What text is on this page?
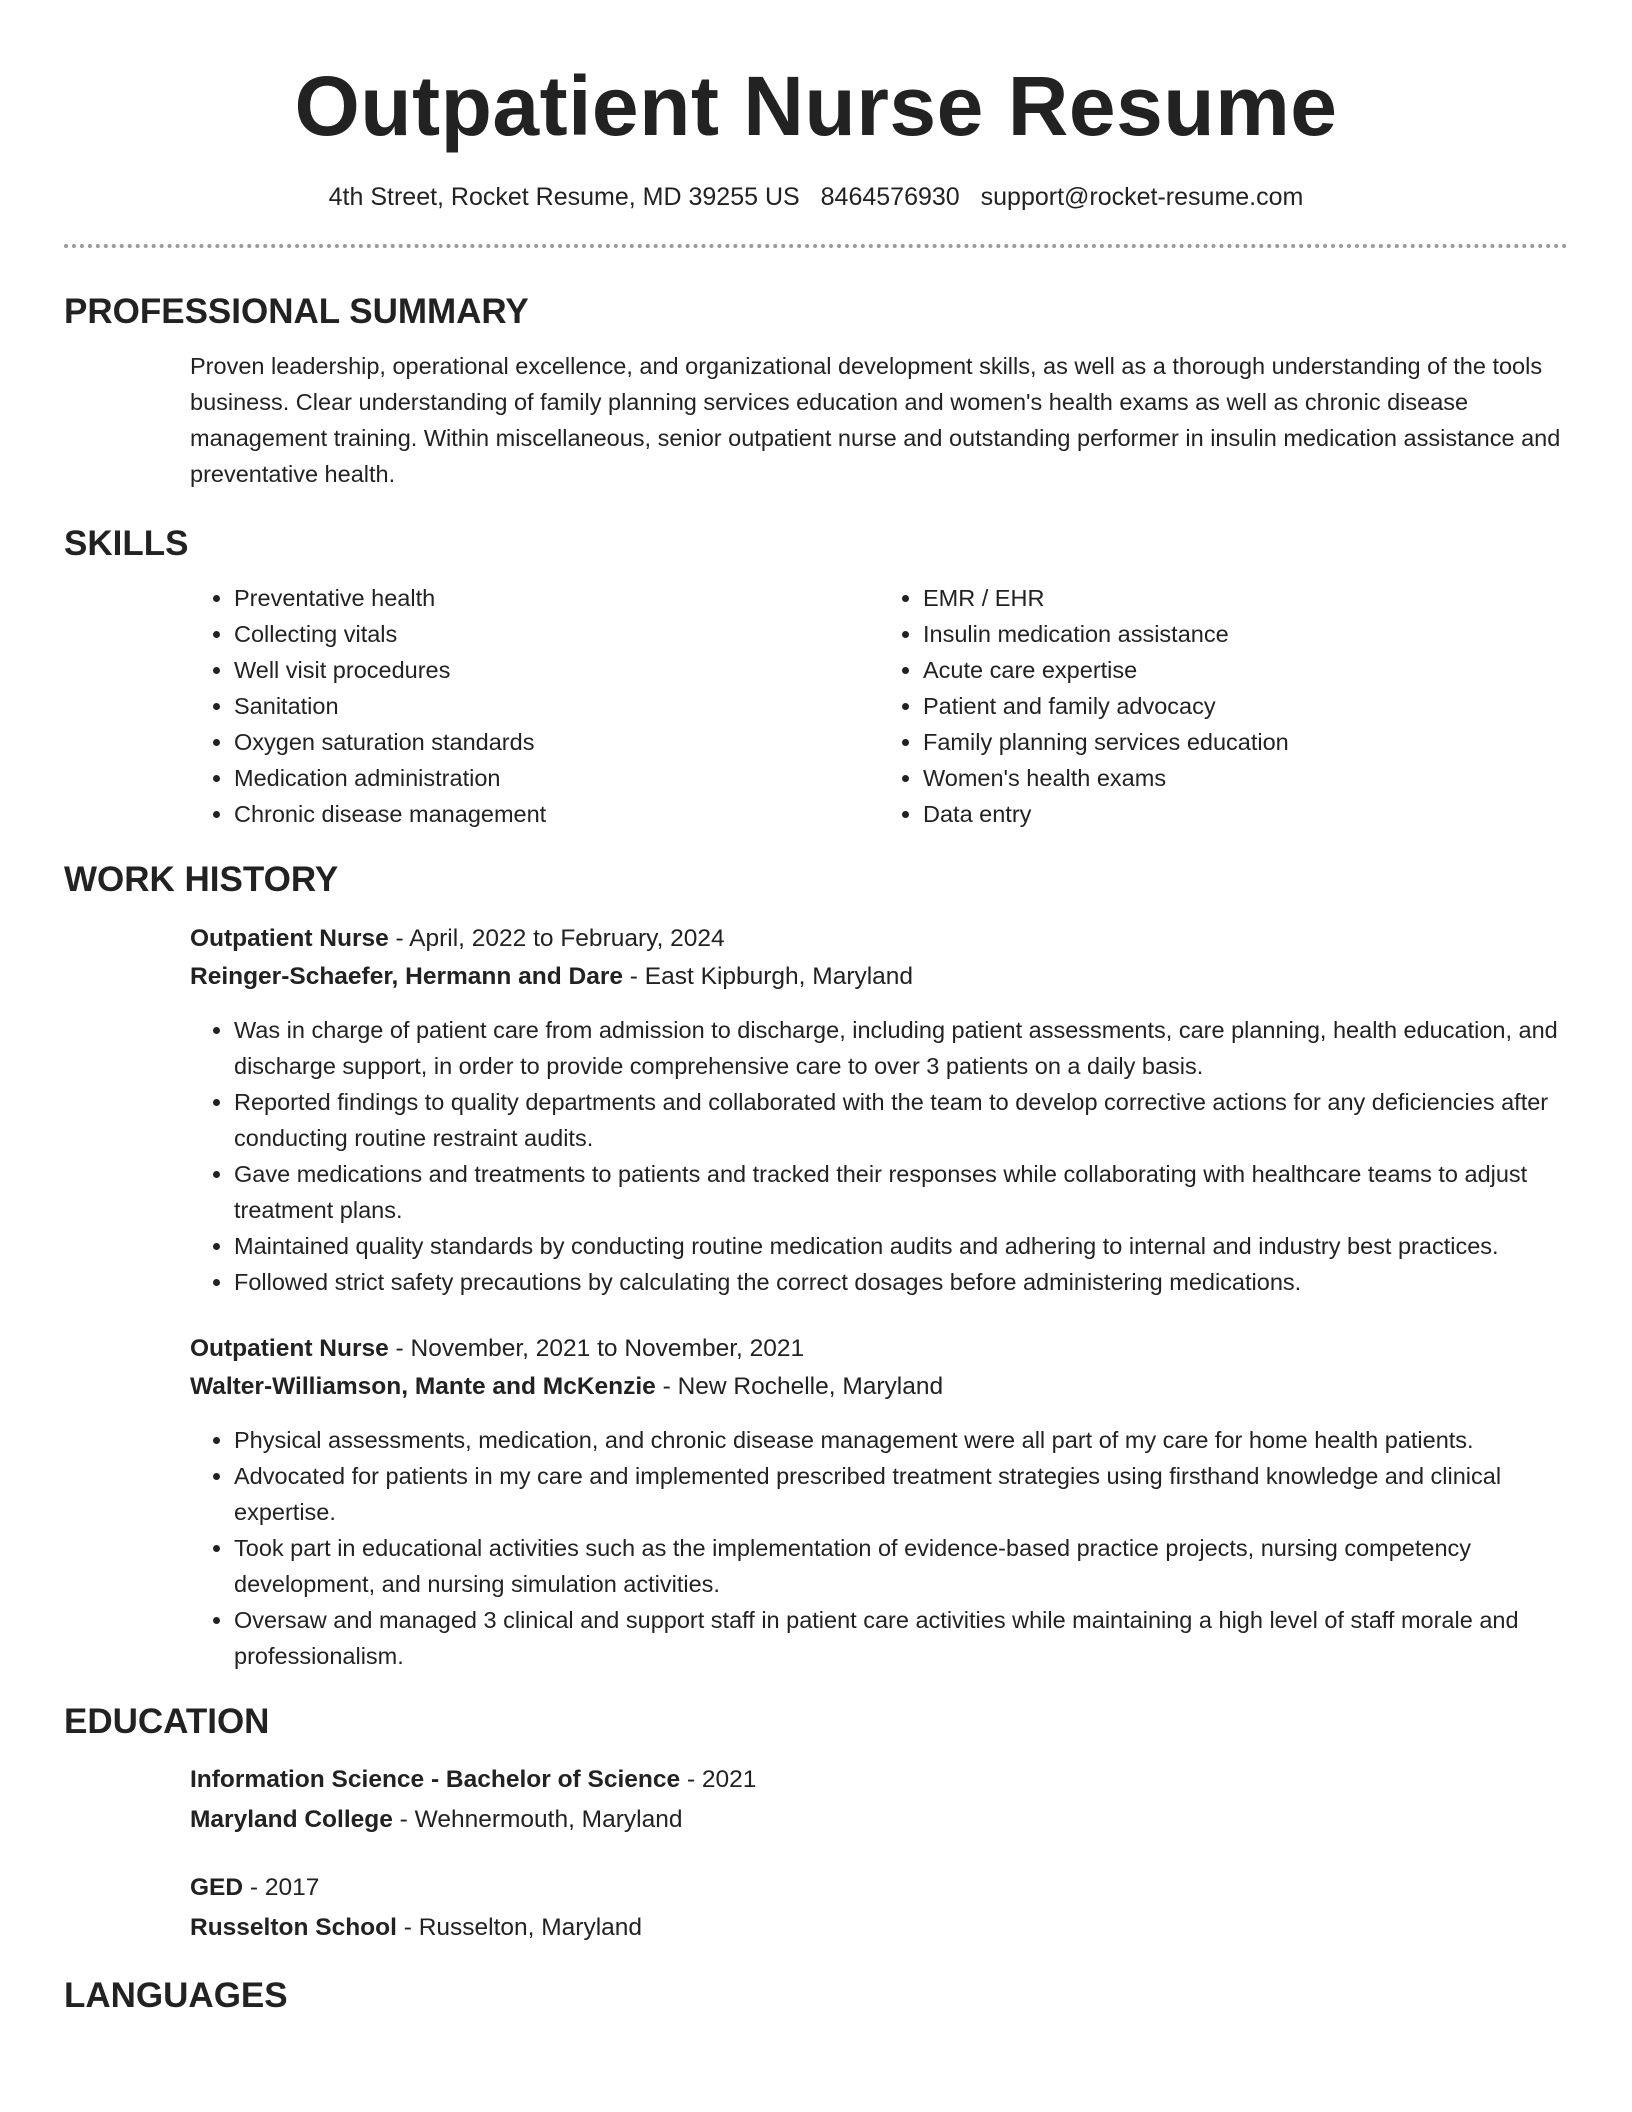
Outpatient Nurse Resume
4th Street, Rocket Resume, MD 39255 US 8464576930 support@rocket-resume.com
PROFESSIONAL SUMMARY
Proven leadership, operational excellence, and organizational development skills, as well as a thorough understanding of the tools business. Clear understanding of family planning services education and women's health exams as well as chronic disease management training. Within miscellaneous, senior outpatient nurse and outstanding performer in insulin medication assistance and preventative health.
SKILLS
• Preventative health
• Collecting vitals
• Well visit procedures
• Sanitation
• Oxygen saturation standards
• Medication administration
• Chronic disease management
• EMR / EHR
• Insulin medication assistance
• Acute care expertise
• Patient and family advocacy
• Family planning services education
• Women's health exams
• Data entry
WORK HISTORY
Outpatient Nurse - April, 2022 to February, 2024
Reinger-Schaefer, Hermann and Dare - East Kipburgh, Maryland
• Was in charge of patient care from admission to discharge, including patient assessments, care planning, health education, and discharge support, in order to provide comprehensive care to over 3 patients on a daily basis.
• Reported findings to quality departments and collaborated with the team to develop corrective actions for any deficiencies after conducting routine restraint audits.
• Gave medications and treatments to patients and tracked their responses while collaborating with healthcare teams to adjust treatment plans.
• Maintained quality standards by conducting routine medication audits and adhering to internal and industry best practices.
• Followed strict safety precautions by calculating the correct dosages before administering medications.
Outpatient Nurse - November, 2021 to November, 2021
Walter-Williamson, Mante and McKenzie - New Rochelle, Maryland
• Physical assessments, medication, and chronic disease management were all part of my care for home health patients.
• Advocated for patients in my care and implemented prescribed treatment strategies using firsthand knowledge and clinical expertise.
• Took part in educational activities such as the implementation of evidence-based practice projects, nursing competency development, and nursing simulation activities.
• Oversaw and managed 3 clinical and support staff in patient care activities while maintaining a high level of staff morale and professionalism.
EDUCATION
Information Science - Bachelor of Science - 2021
Maryland College - Wehnermouth, Maryland
GED - 2017
Russelton School - Russelton, Maryland
LANGUAGES
